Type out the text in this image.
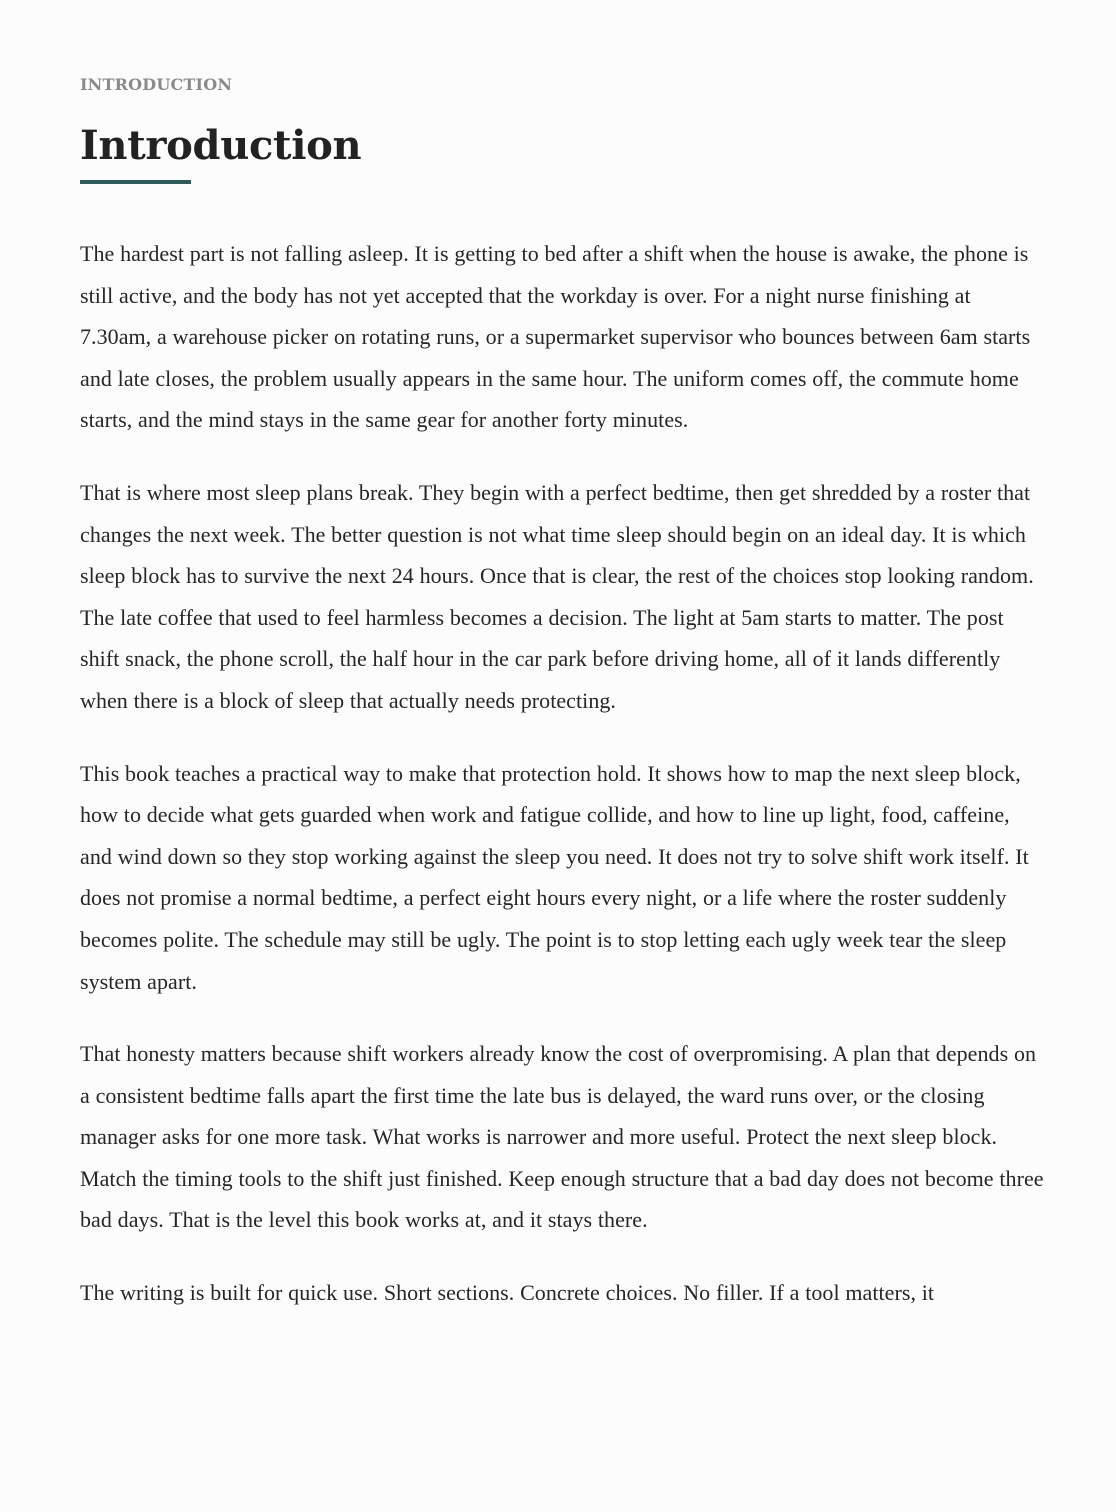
INTRODUCTION
Introduction

The hardest part is not falling asleep. It is getting to bed after a shift when the house is awake, the phone is still active, and the body has not yet accepted that the workday is over. For a night nurse finishing at 7.30am, a warehouse picker on rotating runs, or a supermarket supervisor who bounces between 6am starts and late closes, the problem usually appears in the same hour. The uniform comes off, the commute home starts, and the mind stays in the same gear for another forty minutes.

That is where most sleep plans break. They begin with a perfect bedtime, then get shredded by a roster that changes the next week. The better question is not what time sleep should begin on an ideal day. It is which sleep block has to survive the next 24 hours. Once that is clear, the rest of the choices stop looking random. The late coffee that used to feel harmless becomes a decision. The light at 5am starts to matter. The post shift snack, the phone scroll, the half hour in the car park before driving home, all of it lands differently when there is a block of sleep that actually needs protecting.

This book teaches a practical way to make that protection hold. It shows how to map the next sleep block, how to decide what gets guarded when work and fatigue collide, and how to line up light, food, caffeine, and wind down so they stop working against the sleep you need. It does not try to solve shift work itself. It does not promise a normal bedtime, a perfect eight hours every night, or a life where the roster suddenly becomes polite. The schedule may still be ugly. The point is to stop letting each ugly week tear the sleep system apart.

That honesty matters because shift workers already know the cost of overpromising. A plan that depends on a consistent bedtime falls apart the first time the late bus is delayed, the ward runs over, or the closing manager asks for one more task. What works is narrower and more useful. Protect the next sleep block. Match the timing tools to the shift just finished. Keep enough structure that a bad day does not become three bad days. That is the level this book works at, and it stays there.

The writing is built for quick use. Short sections. Concrete choices. No filler. If a tool matters, it
